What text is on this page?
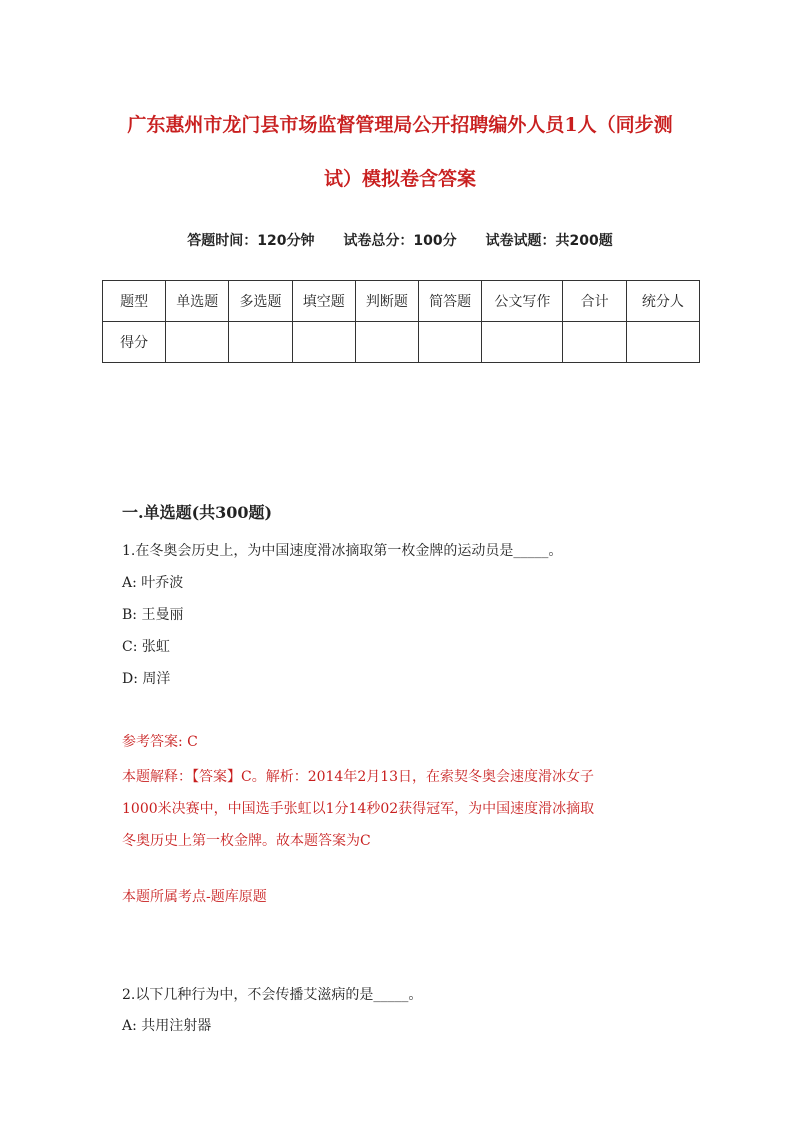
广东惠州市龙门县市场监督管理局公开招聘编外人员1人（同步测
试）模拟卷含答案
答题时间：120分钟 试卷总分：100分 试卷试题：共200题
题型	单选题	多选题	填空题	判断题	简答题	公文写作	合计	统分人
得分								
一.单选题(共300题)
1.在冬奥会历史上，为中国速度滑冰摘取第一枚金牌的运动员是_____。
A: 叶乔波
B: 王曼丽
C: 张虹
D: 周洋
参考答案: C
本题解释：【答案】C。解析：2014年2月13日，在索契冬奥会速度滑冰女子
1000米决赛中，中国选手张虹以1分14秒02获得冠军，为中国速度滑冰摘取
冬奥历史上第一枚金牌。故本题答案为C
本题所属考点-题库原题
2.以下几种行为中，不会传播艾滋病的是_____。
A: 共用注射器
